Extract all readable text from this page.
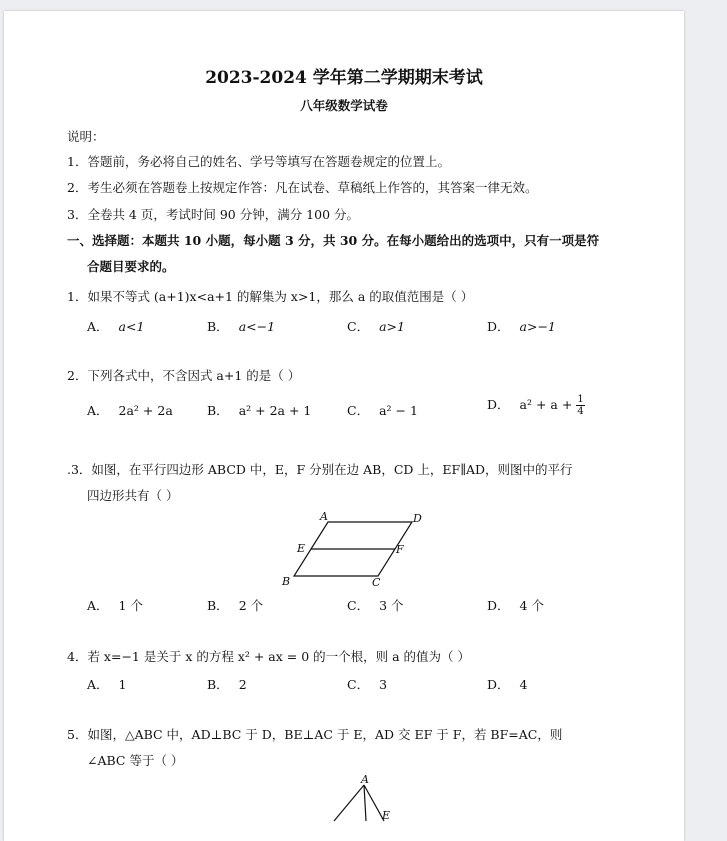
2023-2024 学年第二学期期末考试
八年级数学试卷
说明：
1．答题前，务必将自己的姓名、学号等填写在答题卷规定的位置上。
2．考生必须在答题卷上按规定作答：凡在试卷、草稿纸上作答的，其答案一律无效。
3．全卷共 4 页，考试时间 90 分钟，满分 100 分。
一、选择题：本题共 10 小题，每小题 3 分，共 30 分。在每小题给出的选项中，只有一项是符
合题目要求的。
1．如果不等式 (a+1)x<a+1 的解集为 x>1，那么 a 的取值范围是（ ）
A． a<1	B． a<−1	C． a>1	D． a>−1
2．下列各式中，不含因式 a+1 的是（ ）
A． 2a² + 2a	B． a² + 2a + 1	C． a² − 1	D． $a^2 + a + \frac{1}{4}$
.3．如图，在平行四边形 ABCD 中，E，F 分别在边 AB，CD 上，EF∥AD，则图中的平行
四边形共有（ ）
A	D
E	F
B	C
A． 1 个	B． 2 个	C． 3 个	D． 4 个
4．若 x=−1 是关于 x 的方程 x² + ax = 0 的一个根，则 a 的值为（ ）
A． 1	B． 2	C． 3	D． 4
5．如图，△ABC 中，AD⊥BC 于 D，BE⊥AC 于 E，AD 交 EF 于 F，若 BF=AC，则
∠ABC 等于（ ）
A
E
